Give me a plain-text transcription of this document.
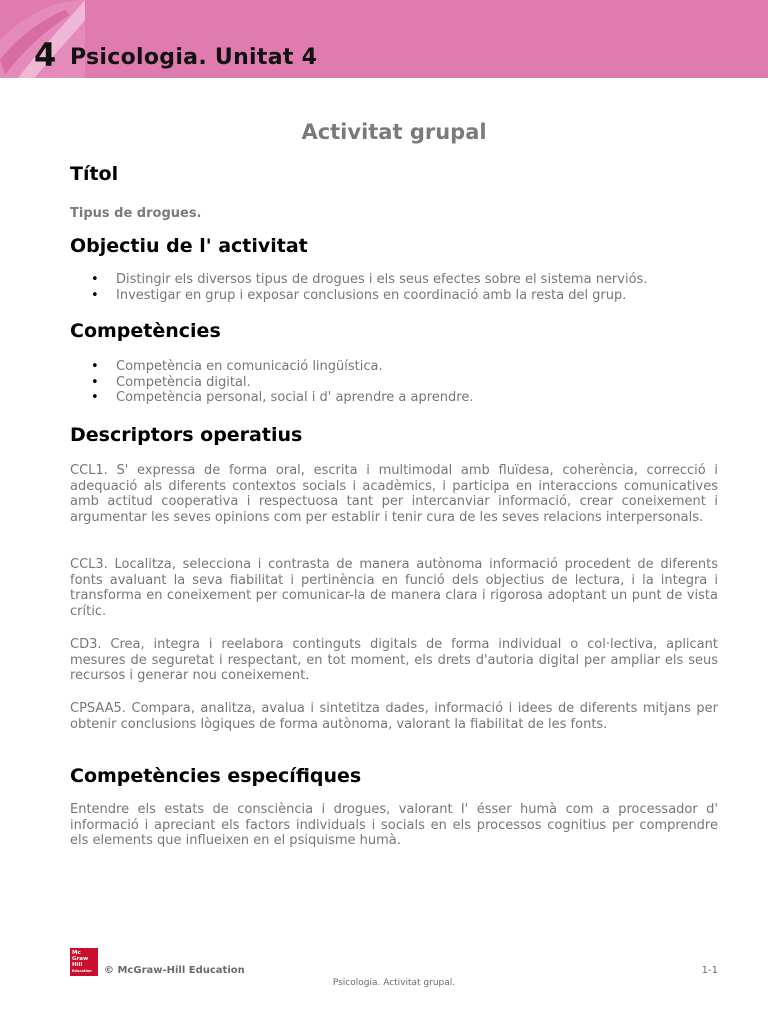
4 Psicologia. Unitat 4
Activitat grupal
Títol
Tipus de drogues.
Objectiu de l' activitat
• Distingir els diversos tipus de drogues i els seus efectes sobre el sistema nerviós.
• Investigar en grup i exposar conclusions en coordinació amb la resta del grup.
Competències
• Competència en comunicació lingüística.
• Competència digital.
• Competència personal, social i d' aprendre a aprendre.
Descriptors operatius

CCL1. S' expressa de forma oral, escrita i multimodal amb fluïdesa, coherència, correcció i adequació als diferents contextos socials i acadèmics, i participa en interaccions comunicatives amb actitud cooperativa i respectuosa tant per intercanviar informació, crear coneixement i argumentar les seves opinions com per establir i tenir cura de les seves relacions interpersonals.

CCL3. Localitza, selecciona i contrasta de manera autònoma informació procedent de diferents fonts avaluant la seva fiabilitat i pertinència en funció dels objectius de lectura, i la integra i transforma en coneixement per comunicar-la de manera clara i rigorosa adoptant un punt de vista crític.

CD3. Crea, integra i reelabora continguts digitals de forma individual o col·lectiva, aplicant mesures de seguretat i respectant, en tot moment, els drets d'autoria digital per ampliar els seus recursos i generar nou coneixement.

CPSAA5. Compara, analitza, avalua i sintetitza dades, informació i idees de diferents mitjans per obtenir conclusions lògiques de forma autònoma, valorant la fiabilitat de les fonts.

Competències específiques

Entendre els estats de consciència i drogues, valorant l' ésser humà com a processador d' informació i apreciant els factors individuals i socials en els processos cognitius per comprendre els elements que influeixen en el psiquisme humà.

Mc
Graw
Hill
Education	© McGraw-Hill Education	1-1
Psicologia. Activitat grupal.
